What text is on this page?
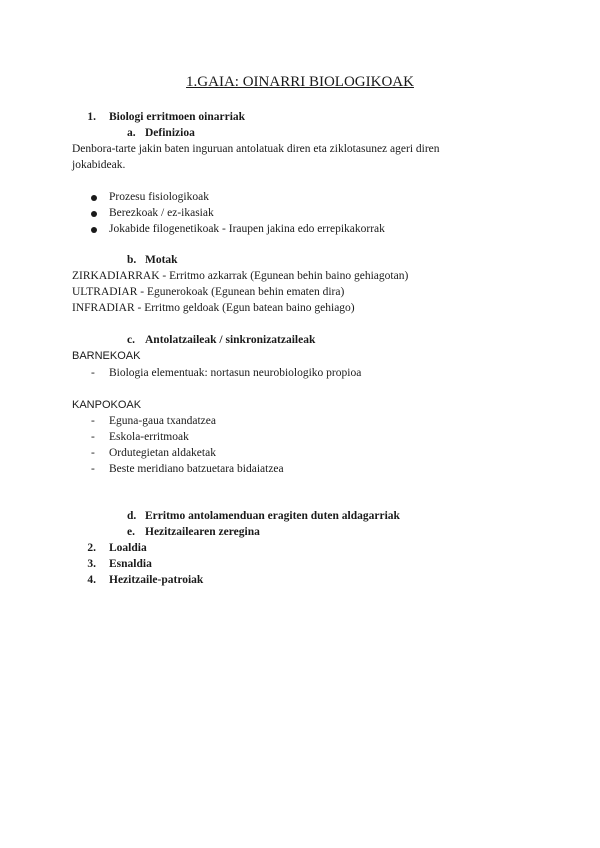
1.GAIA: OINARRI BIOLOGIKOAK
1. Biologi erritmoen oinarriak
a. Definizioa
Denbora-tarte jakin baten inguruan antolatuak diren eta ziklotasunez ageri diren
jokabideak.
Prozesu fisiologikoak
Berezkoak / ez-ikasiak
Jokabide filogenetikoak - Iraupen jakina edo errepikakorrak
b. Motak
ZIRKADIARRAK - Erritmo azkarrak (Egunean behin baino gehiagotan)
ULTRADIAR - Egunerokoak (Egunean behin ematen dira)
INFRADIAR - Erritmo geldoak (Egun batean baino gehiago)
c. Antolatzaileak / sinkronizatzaileak
BARNEKOAK
- Biologia elementuak: nortasun neurobiologiko propioa
KANPOKOAK
- Eguna-gaua txandatzea
- Eskola-erritmoak
- Ordutegietan aldaketak
- Beste meridiano batzuetara bidaiatzea
d. Erritmo antolamenduan eragiten duten aldagarriak
e. Hezitzailearen zeregina
2. Loaldia
3. Esnaldia
4. Hezitzaile-patroiak
